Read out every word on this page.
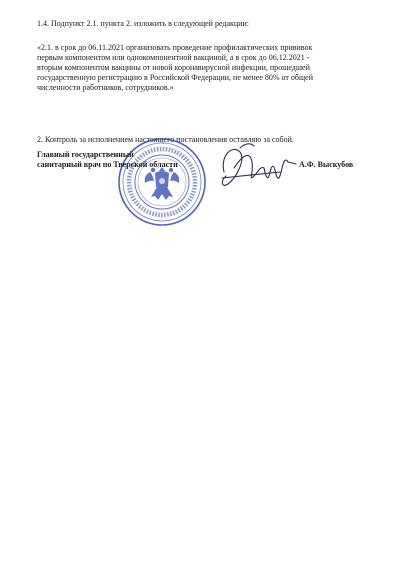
1.4. Подпункт 2.1. пункта 2. изложить в следующей редакции:
«2.1. в срок до 06.11.2021 организовать проведение профилактических прививок
первым компонентом или однокомпонентной вакциной, а в срок до 06.12.2021 -
вторым компонентом вакцины от новой коронавирусной инфекции, прошедшей
государственную регистрацию в Российской Федерации, не менее 80% от общей
численности работников, сотрудников.»
2. Контроль за исполнением настоящего постановления оставляю за собой.
Главный государственный
санитарный врач по Тверской области	А.Ф. Выскубов
